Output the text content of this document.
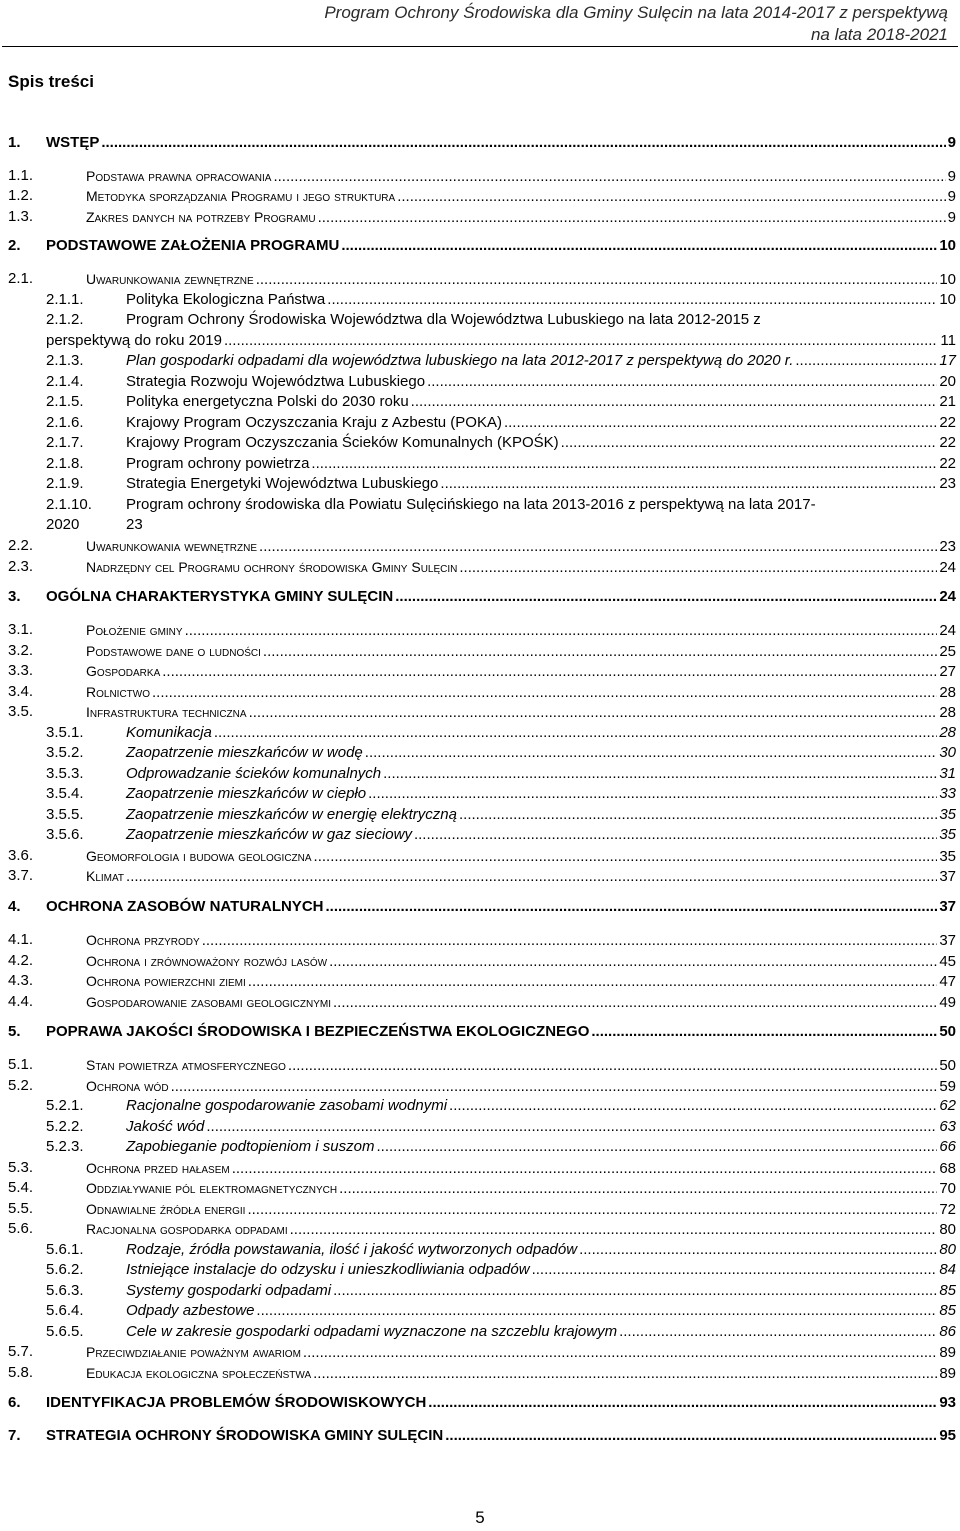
Program Ochrony Środowiska dla Gminy Sulęcin na lata 2014-2017 z perspektywą
na lata 2018-2021
Spis treści
1. WSTĘP .....	9
1.1.	Podstawa prawna opracowania .....	9
1.2.	Metodyka sporządzania Programu i jego struktura .....	9
1.3.	Zakres danych na potrzeby Programu .....	9
2. PODSTAWOWE ZAŁOŻENIA PROGRAMU .....	10
2.1.	Uwarunkowania zewnętrzne .....	10
2.1.1.	Polityka Ekologiczna Państwa .....	10
2.1.2.	Program Ochrony Środowiska Województwa dla Województwa Lubuskiego na lata 2012-2015 z
perspektywą do roku 2019 .....	11
2.1.3.	Plan gospodarki odpadami dla województwa lubuskiego na lata 2012-2017 z perspektywą do 2020 r. .....	17
2.1.4.	Strategia Rozwoju Województwa Lubuskiego .....	20
2.1.5.	Polityka energetyczna Polski do 2030 roku .....	21
2.1.6.	Krajowy Program Oczyszczania Kraju z Azbestu (POKA) .....	22
2.1.7.	Krajowy Program Oczyszczania Ścieków Komunalnych (KPOŚK) .....	22
2.1.8.	Program ochrony powietrza .....	22
2.1.9.	Strategia Energetyki Województwa Lubuskiego .....	23
2.1.10. Program ochrony środowiska dla Powiatu Sulęcińskiego na lata 2013-2016 z perspektywą na lata 2017-
2020	23
2.2.	Uwarunkowania wewnętrzne .....	23
2.3.	Nadrzędny cel Programu ochrony środowiska Gminy Sulęcin .....	24
3. OGÓLNA CHARAKTERYSTYKA GMINY SULĘCIN .....	24
3.1.	Położenie gminy .....	24
3.2.	Podstawowe dane o ludności .....	25
3.3.	Gospodarka .....	27
3.4.	Rolnictwo .....	28
3.5.	Infrastruktura techniczna .....	28
3.5.1.	Komunikacja .....	28
3.5.2.	Zaopatrzenie mieszkańców w wodę .....	30
3.5.3.	Odprowadzanie ścieków komunalnych .....	31
3.5.4.	Zaopatrzenie mieszkańców w ciepło .....	33
3.5.5.	Zaopatrzenie mieszkańców w energię elektryczną .....	35
3.5.6.	Zaopatrzenie mieszkańców w gaz sieciowy .....	35
3.6.	Geomorfologia i budowa geologiczna .....	35
3.7.	Klimat .....	37
4. OCHRONA ZASOBÓW NATURALNYCH .....	37
4.1.	Ochrona przyrody .....	37
4.2.	Ochrona i zrównoważony rozwój lasów .....	45
4.3.	Ochrona powierzchni ziemi .....	47
4.4.	Gospodarowanie zasobami geologicznymi .....	49
5. POPRAWA JAKOŚCI ŚRODOWISKA I BEZPIECZEŃSTWA EKOLOGICZNEGO .....	50
5.1.	Stan powietrza atmosferycznego .....	50
5.2.	Ochrona wód .....	59
5.2.1.	Racjonalne gospodarowanie zasobami wodnymi .....	62
5.2.2.	Jakość wód .....	63
5.2.3.	Zapobieganie podtopieniom i suszom .....	66
5.3.	Ochrona przed hałasem .....	68
5.4.	Oddziaływanie pól elektromagnetycznych .....	70
5.5.	Odnawialne źródła energii .....	72
5.6.	Racjonalna gospodarka odpadami .....	80
5.6.1.	Rodzaje, źródła powstawania, ilość i jakość wytworzonych odpadów .....	80
5.6.2.	Istniejące instalacje do odzysku i unieszkodliwiania odpadów .....	84
5.6.3.	Systemy gospodarki odpadami .....	85
5.6.4.	Odpady azbestowe .....	85
5.6.5.	Cele w zakresie gospodarki odpadami wyznaczone na szczeblu krajowym .....	86
5.7.	Przeciwdziałanie poważnym awariom .....	89
5.8.	Edukacja ekologiczna społeczeństwa .....	89
6. IDENTYFIKACJA PROBLEMÓW ŚRODOWISKOWYCH .....	93
7. STRATEGIA OCHRONY ŚRODOWISKA GMINY SULĘCIN .....	95
5
